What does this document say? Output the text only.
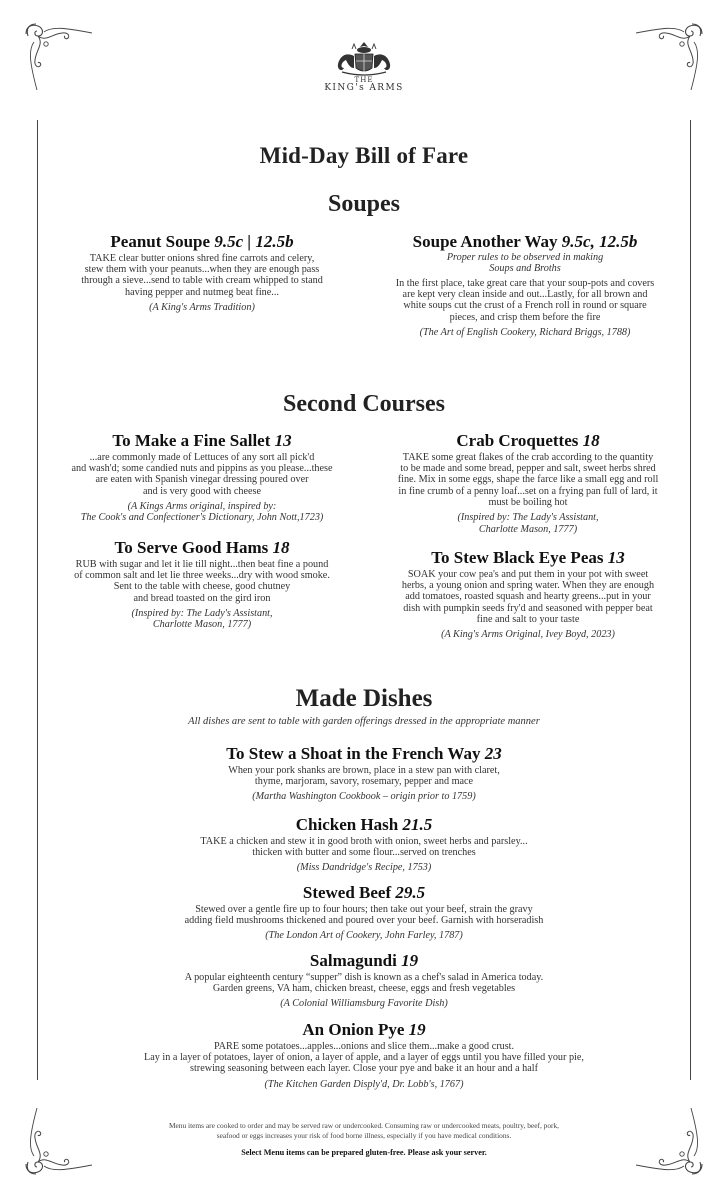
THE
KING's ARMS
Mid-Day Bill of Fare
Soupes
Peanut Soupe 9.5c | 12.5b
TAKE clear butter onions shred fine carrots and celery,
stew them with your peanuts...when they are enough pass
through a sieve...send to table with cream whipped to stand
having pepper and nutmeg beat fine...
(A King's Arms Tradition)
Soupe Another Way 9.5c, 12.5b
Proper rules to be observed in making
Soups and Broths
In the first place, take great care that your soup-pots and covers
are kept very clean inside and out...Lastly, for all brown and
white soups cut the crust of a French roll in round or square
pieces, and crisp them before the fire
(The Art of English Cookery, Richard Briggs, 1788)
Second Courses
To Make a Fine Sallet 13
...are commonly made of Lettuces of any sort all pick'd
and wash'd; some candied nuts and pippins as you please...these
are eaten with Spanish vinegar dressing poured over
and is very good with cheese
(A Kings Arms original, inspired by:
The Cook's and Confectioner's Dictionary, John Nott,1723)
To Serve Good Hams 18
RUB with sugar and let it lie till night...then beat fine a pound
of common salt and let lie three weeks...dry with wood smoke.
Sent to the table with cheese, good chutney
and bread toasted on the gird iron
(Inspired by: The Lady's Assistant,
Charlotte Mason, 1777)
Crab Croquettes 18
TAKE some great flakes of the crab according to the quantity
to be made and some bread, pepper and salt, sweet herbs shred
fine. Mix in some eggs, shape the farce like a small egg and roll
in fine crumb of a penny loaf...set on a frying pan full of lard, it
must be boiling hot
(Inspired by: The Lady's Assistant,
Charlotte Mason, 1777)
To Stew Black Eye Peas 13
SOAK your cow pea's and put them in your pot with sweet
herbs, a young onion and spring water. When they are enough
add tomatoes, roasted squash and hearty greens...put in your
dish with pumpkin seeds fry'd and seasoned with pepper beat
fine and salt to your taste
(A King's Arms Original, Ivey Boyd, 2023)
Made Dishes
All dishes are sent to table with garden offerings dressed in the appropriate manner
To Stew a Shoat in the French Way 23
When your pork shanks are brown, place in a stew pan with claret,
thyme, marjoram, savory, rosemary, pepper and mace
(Martha Washington Cookbook – origin prior to 1759)
Chicken Hash 21.5
TAKE a chicken and stew it in good broth with onion, sweet herbs and parsley...
thicken with butter and some flour...served on trenches
(Miss Dandridge's Recipe, 1753)
Stewed Beef 29.5
Stewed over a gentle fire up to four hours; then take out your beef, strain the gravy
adding field mushrooms thickened and poured over your beef. Garnish with horseradish
(The London Art of Cookery, John Farley, 1787)
Salmagundi 19
A popular eighteenth century “supper” dish is known as a chef's salad in America today.
Garden greens, VA ham, chicken breast, cheese, eggs and fresh vegetables
(A Colonial Williamsburg Favorite Dish)
An Onion Pye 19
PARE some potatoes...apples...onions and slice them...make a good crust.
Lay in a layer of potatoes, layer of onion, a layer of apple, and a layer of eggs until you have filled your pie,
strewing seasoning between each layer. Close your pye and bake it an hour and a half
(The Kitchen Garden Disply'd, Dr. Lobb's, 1767)
Menu items are cooked to order and may be served raw or undercooked. Consuming raw or undercooked meats, poultry, beef, pork,
seafood or eggs increases your risk of food borne illness, especially if you have medical conditions.
Select Menu items can be prepared gluten-free. Please ask your server.
